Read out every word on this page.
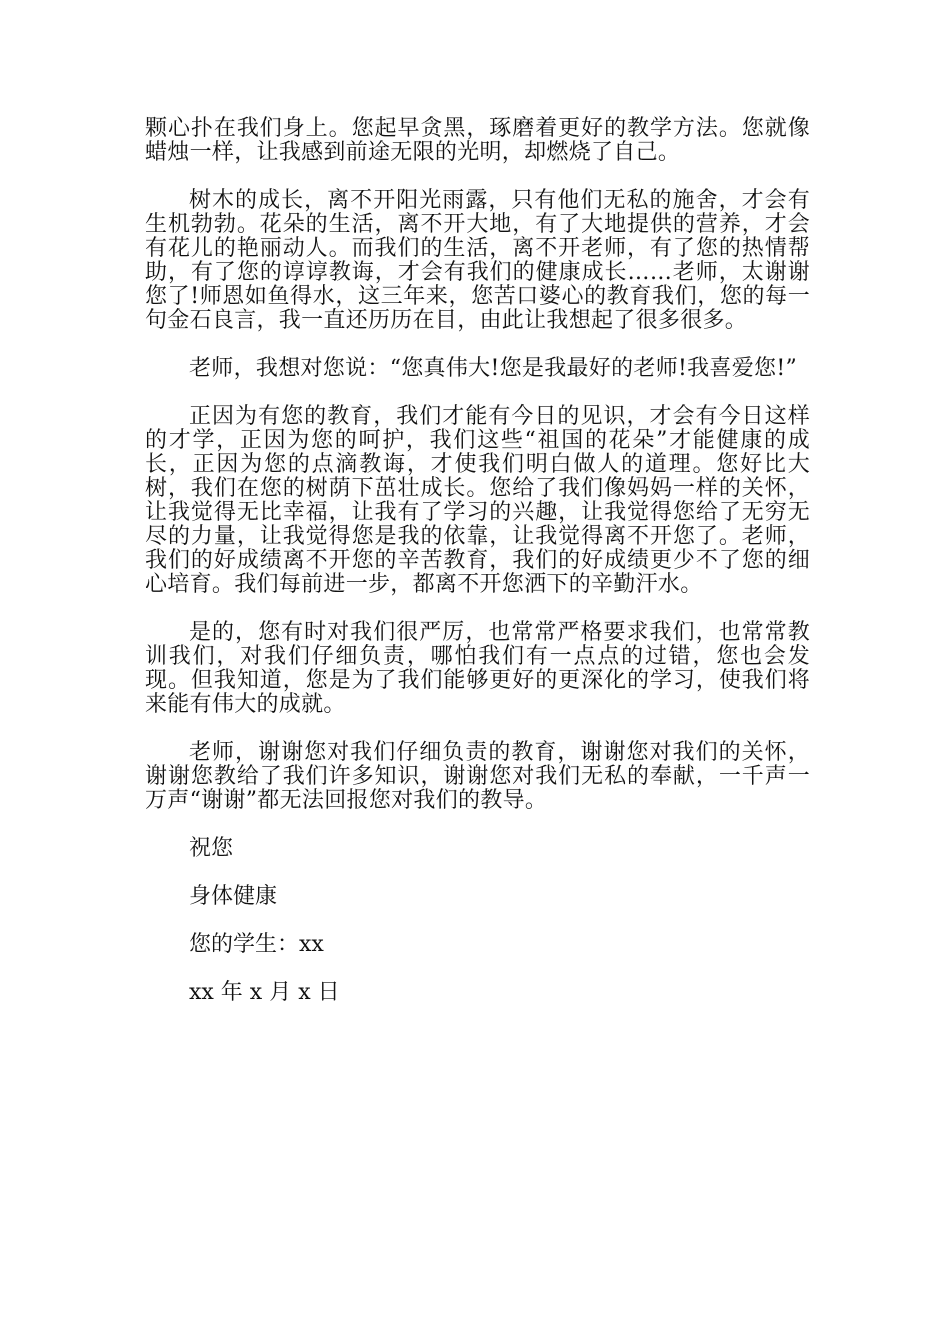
颗心扑在我们身上。您起早贪黑，琢磨着更好的教学方法。您就像蜡烛一样，让我感到前途无限的光明，却燃烧了自己。

树木的成长，离不开阳光雨露，只有他们无私的施舍，才会有生机勃勃。花朵的生活，离不开大地，有了大地提供的营养，才会有花儿的艳丽动人。而我们的生活，离不开老师，有了您的热情帮助，有了您的谆谆教诲，才会有我们的健康成长……老师，太谢谢您了!师恩如鱼得水，这三年来，您苦口婆心的教育我们，您的每一句金石良言，我一直还历历在目，由此让我想起了很多很多。

老师，我想对您说：“您真伟大!您是我最好的老师!我喜爱您!”

正因为有您的教育，我们才能有今日的见识，才会有今日这样的才学，正因为您的呵护，我们这些“祖国的花朵”才能健康的成长，正因为您的点滴教诲，才使我们明白做人的道理。您好比大树，我们在您的树荫下茁壮成长。您给了我们像妈妈一样的关怀，让我觉得无比幸福，让我有了学习的兴趣，让我觉得您给了无穷无尽的力量，让我觉得您是我的依靠，让我觉得离不开您了。老师，我们的好成绩离不开您的辛苦教育，我们的好成绩更少不了您的细心培育。我们每前进一步，都离不开您洒下的辛勤汗水。

是的，您有时对我们很严厉，也常常严格要求我们，也常常教训我们，对我们仔细负责，哪怕我们有一点点的过错，您也会发现。但我知道，您是为了我们能够更好的更深化的学习，使我们将来能有伟大的成就。

老师，谢谢您对我们仔细负责的教育，谢谢您对我们的关怀，谢谢您教给了我们许多知识，谢谢您对我们无私的奉献，一千声一万声“谢谢”都无法回报您对我们的教导。

祝您

身体健康

您的学生：xx

xx 年 x 月 x 日
